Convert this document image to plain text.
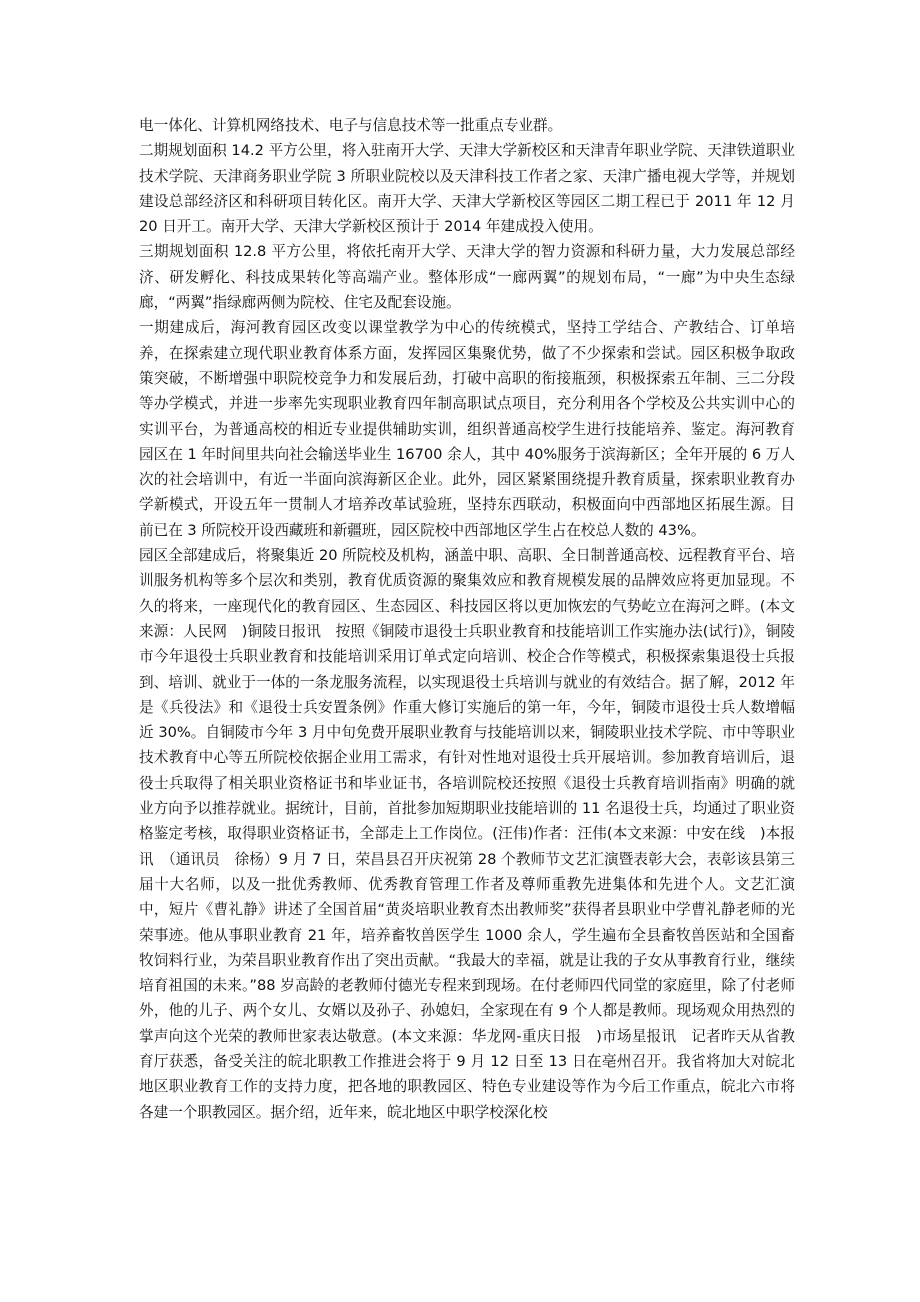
电一体化、计算机网络技术、电子与信息技术等一批重点专业群。

二期规划面积 14.2 平方公里，将入驻南开大学、天津大学新校区和天津青年职业学院、天津铁道职业技术学院、天津商务职业学院 3 所职业院校以及天津科技工作者之家、天津广播电视大学等，并规划建设总部经济区和科研项目转化区。南开大学、天津大学新校区等园区二期工程已于 2011 年 12 月 20 日开工。南开大学、天津大学新校区预计于 2014 年建成投入使用。

三期规划面积 12.8 平方公里，将依托南开大学、天津大学的智力资源和科研力量，大力发展总部经济、研发孵化、科技成果转化等高端产业。整体形成“一廊两翼”的规划布局，“一廊”为中央生态绿廊，“两翼”指绿廊两侧为院校、住宅及配套设施。

一期建成后，海河教育园区改变以课堂教学为中心的传统模式，坚持工学结合、产教结合、订单培养，在探索建立现代职业教育体系方面，发挥园区集聚优势，做了不少探索和尝试。园区积极争取政策突破，不断增强中职院校竞争力和发展后劲，打破中高职的衔接瓶颈，积极探索五年制、三二分段等办学模式，并进一步率先实现职业教育四年制高职试点项目，充分利用各个学校及公共实训中心的实训平台，为普通高校的相近专业提供辅助实训，组织普通高校学生进行技能培养、鉴定。海河教育园区在 1 年时间里共向社会输送毕业生 16700 余人，其中 40%服务于滨海新区；全年开展的 6 万人次的社会培训中，有近一半面向滨海新区企业。此外，园区紧紧围绕提升教育质量，探索职业教育办学新模式，开设五年一贯制人才培养改革试验班，坚持东西联动，积极面向中西部地区拓展生源。目前已在 3 所院校开设西藏班和新疆班，园区院校中西部地区学生占在校总人数的 43%。

园区全部建成后，将聚集近 20 所院校及机构，涵盖中职、高职、全日制普通高校、远程教育平台、培训服务机构等多个层次和类别，教育优质资源的聚集效应和教育规模发展的品牌效应将更加显现。不久的将来，一座现代化的教育园区、生态园区、科技园区将以更加恢宏的气势屹立在海河之畔。(本文来源：人民网　)铜陵日报讯　按照《铜陵市退役士兵职业教育和技能培训工作实施办法(试行)》，铜陵市今年退役士兵职业教育和技能培训采用订单式定向培训、校企合作等模式，积极探索集退役士兵报到、培训、就业于一体的一条龙服务流程，以实现退役士兵培训与就业的有效结合。据了解，2012 年是《兵役法》和《退役士兵安置条例》作重大修订实施后的第一年，今年，铜陵市退役士兵人数增幅近 30%。自铜陵市今年 3 月中旬免费开展职业教育与技能培训以来，铜陵职业技术学院、市中等职业技术教育中心等五所院校依据企业用工需求，有针对性地对退役士兵开展培训。参加教育培训后，退役士兵取得了相关职业资格证书和毕业证书，各培训院校还按照《退役士兵教育培训指南》明确的就业方向予以推荐就业。据统计，目前，首批参加短期职业技能培训的 11 名退役士兵，均通过了职业资格鉴定考核，取得职业资格证书，全部走上工作岗位。(汪伟)作者：汪伟(本文来源：中安在线　)本报讯　（通讯员　徐杨）9 月 7 日，荣昌县召开庆祝第 28 个教师节文艺汇演暨表彰大会，表彰该县第三届十大名师，以及一批优秀教师、优秀教育管理工作者及尊师重教先进集体和先进个人。文艺汇演中，短片《曹礼静》讲述了全国首届“黄炎培职业教育杰出教师奖”获得者县职业中学曹礼静老师的光荣事迹。他从事职业教育 21 年，培养畜牧兽医学生 1000 余人，学生遍布全县畜牧兽医站和全国畜牧饲料行业，为荣昌职业教育作出了突出贡献。“我最大的幸福，就是让我的子女从事教育行业，继续培育祖国的未来。”88 岁高龄的老教师付德光专程来到现场。在付老师四代同堂的家庭里，除了付老师外，他的儿子、两个女儿、女婿以及孙子、孙媳妇，全家现在有 9 个人都是教师。现场观众用热烈的掌声向这个光荣的教师世家表达敬意。(本文来源：华龙网-重庆日报　)市场星报讯　记者昨天从省教育厅获悉，备受关注的皖北职教工作推进会将于 9 月 12 日至 13 日在亳州召开。我省将加大对皖北地区职业教育工作的支持力度，把各地的职教园区、特色专业建设等作为今后工作重点，皖北六市将各建一个职教园区。据介绍，近年来，皖北地区中职学校深化校
